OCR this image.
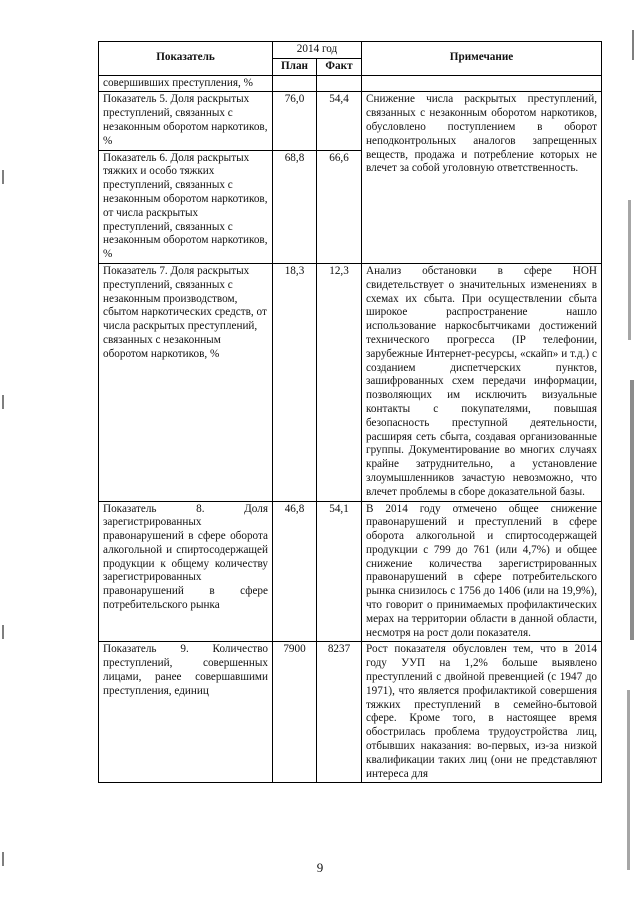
Показатель	2014 год		Примечание
	План	Факт	
совершивших преступления, %			
Показатель 5. Доля раскрытых преступлений, связанных с незаконным оборотом наркотиков, %	76,0	54,4	Снижение числа раскрытых преступлений, связанных с незаконным оборотом наркотиков, обусловлено поступлением в оборот неподконтрольных аналогов запрещенных веществ, продажа и потребление которых не влечет за собой уголовную ответственность.
Показатель 6. Доля раскрытых тяжких и особо тяжких преступлений, связанных с незаконным оборотом наркотиков, от числа раскрытых преступлений, связанных с незаконным оборотом наркотиков, %	68,8	66,6	
Показатель 7. Доля раскрытых преступлений, связанных с незаконным производством, сбытом наркотических средств, от числа раскрытых преступлений, связанных с незаконным оборотом наркотиков, %	18,3	12,3	Анализ обстановки в сфере НОН свидетельствует о значительных изменениях в схемах их сбыта. При осуществлении сбыта широкое распространение нашло использование наркосбытчиками достижений технического прогресса (IP телефонии, зарубежные Интернет-ресурсы, «скайп» и т.д.) с созданием диспетчерских пунктов, зашифрованных схем передачи информации, позволяющих им исключить визуальные контакты с покупателями, повышая безопасность преступной деятельности, расширяя сеть сбыта, создавая организованные группы. Документирование во многих случаях крайне затруднительно, а установление злоумышленников зачастую невозможно, что влечет проблемы в сборе доказательной базы.
Показатель 8. Доля зарегистрированных правонарушений в сфере оборота алкогольной и спиртосодержащей продукции к общему количеству зарегистрированных правонарушений в сфере потребительского рынка	46,8	54,1	В 2014 году отмечено общее снижение правонарушений и преступлений в сфере оборота алкогольной и спиртосодержащей продукции с 799 до 761 (или 4,7%) и общее снижение количества зарегистрированных правонарушений в сфере потребительского рынка снизилось с 1756 до 1406 (или на 19,9%), что говорит о принимаемых профилактических мерах на территории области в данной области, несмотря на рост доли показателя.
Показатель 9. Количество преступлений, совершенных лицами, ранее совершавшими преступления, единиц	7900	8237	Рост показателя обусловлен тем, что в 2014 году УУП на 1,2% больше выявлено преступлений с двойной превенцией (с 1947 до 1971), что является профилактикой совершения тяжких преступлений в семейно-бытовой сфере. Кроме того, в настоящее время обострилась проблема трудоустройства лиц, отбывших наказания: во-первых, из-за низкой квалификации таких лиц (они не представляют интереса для
9
